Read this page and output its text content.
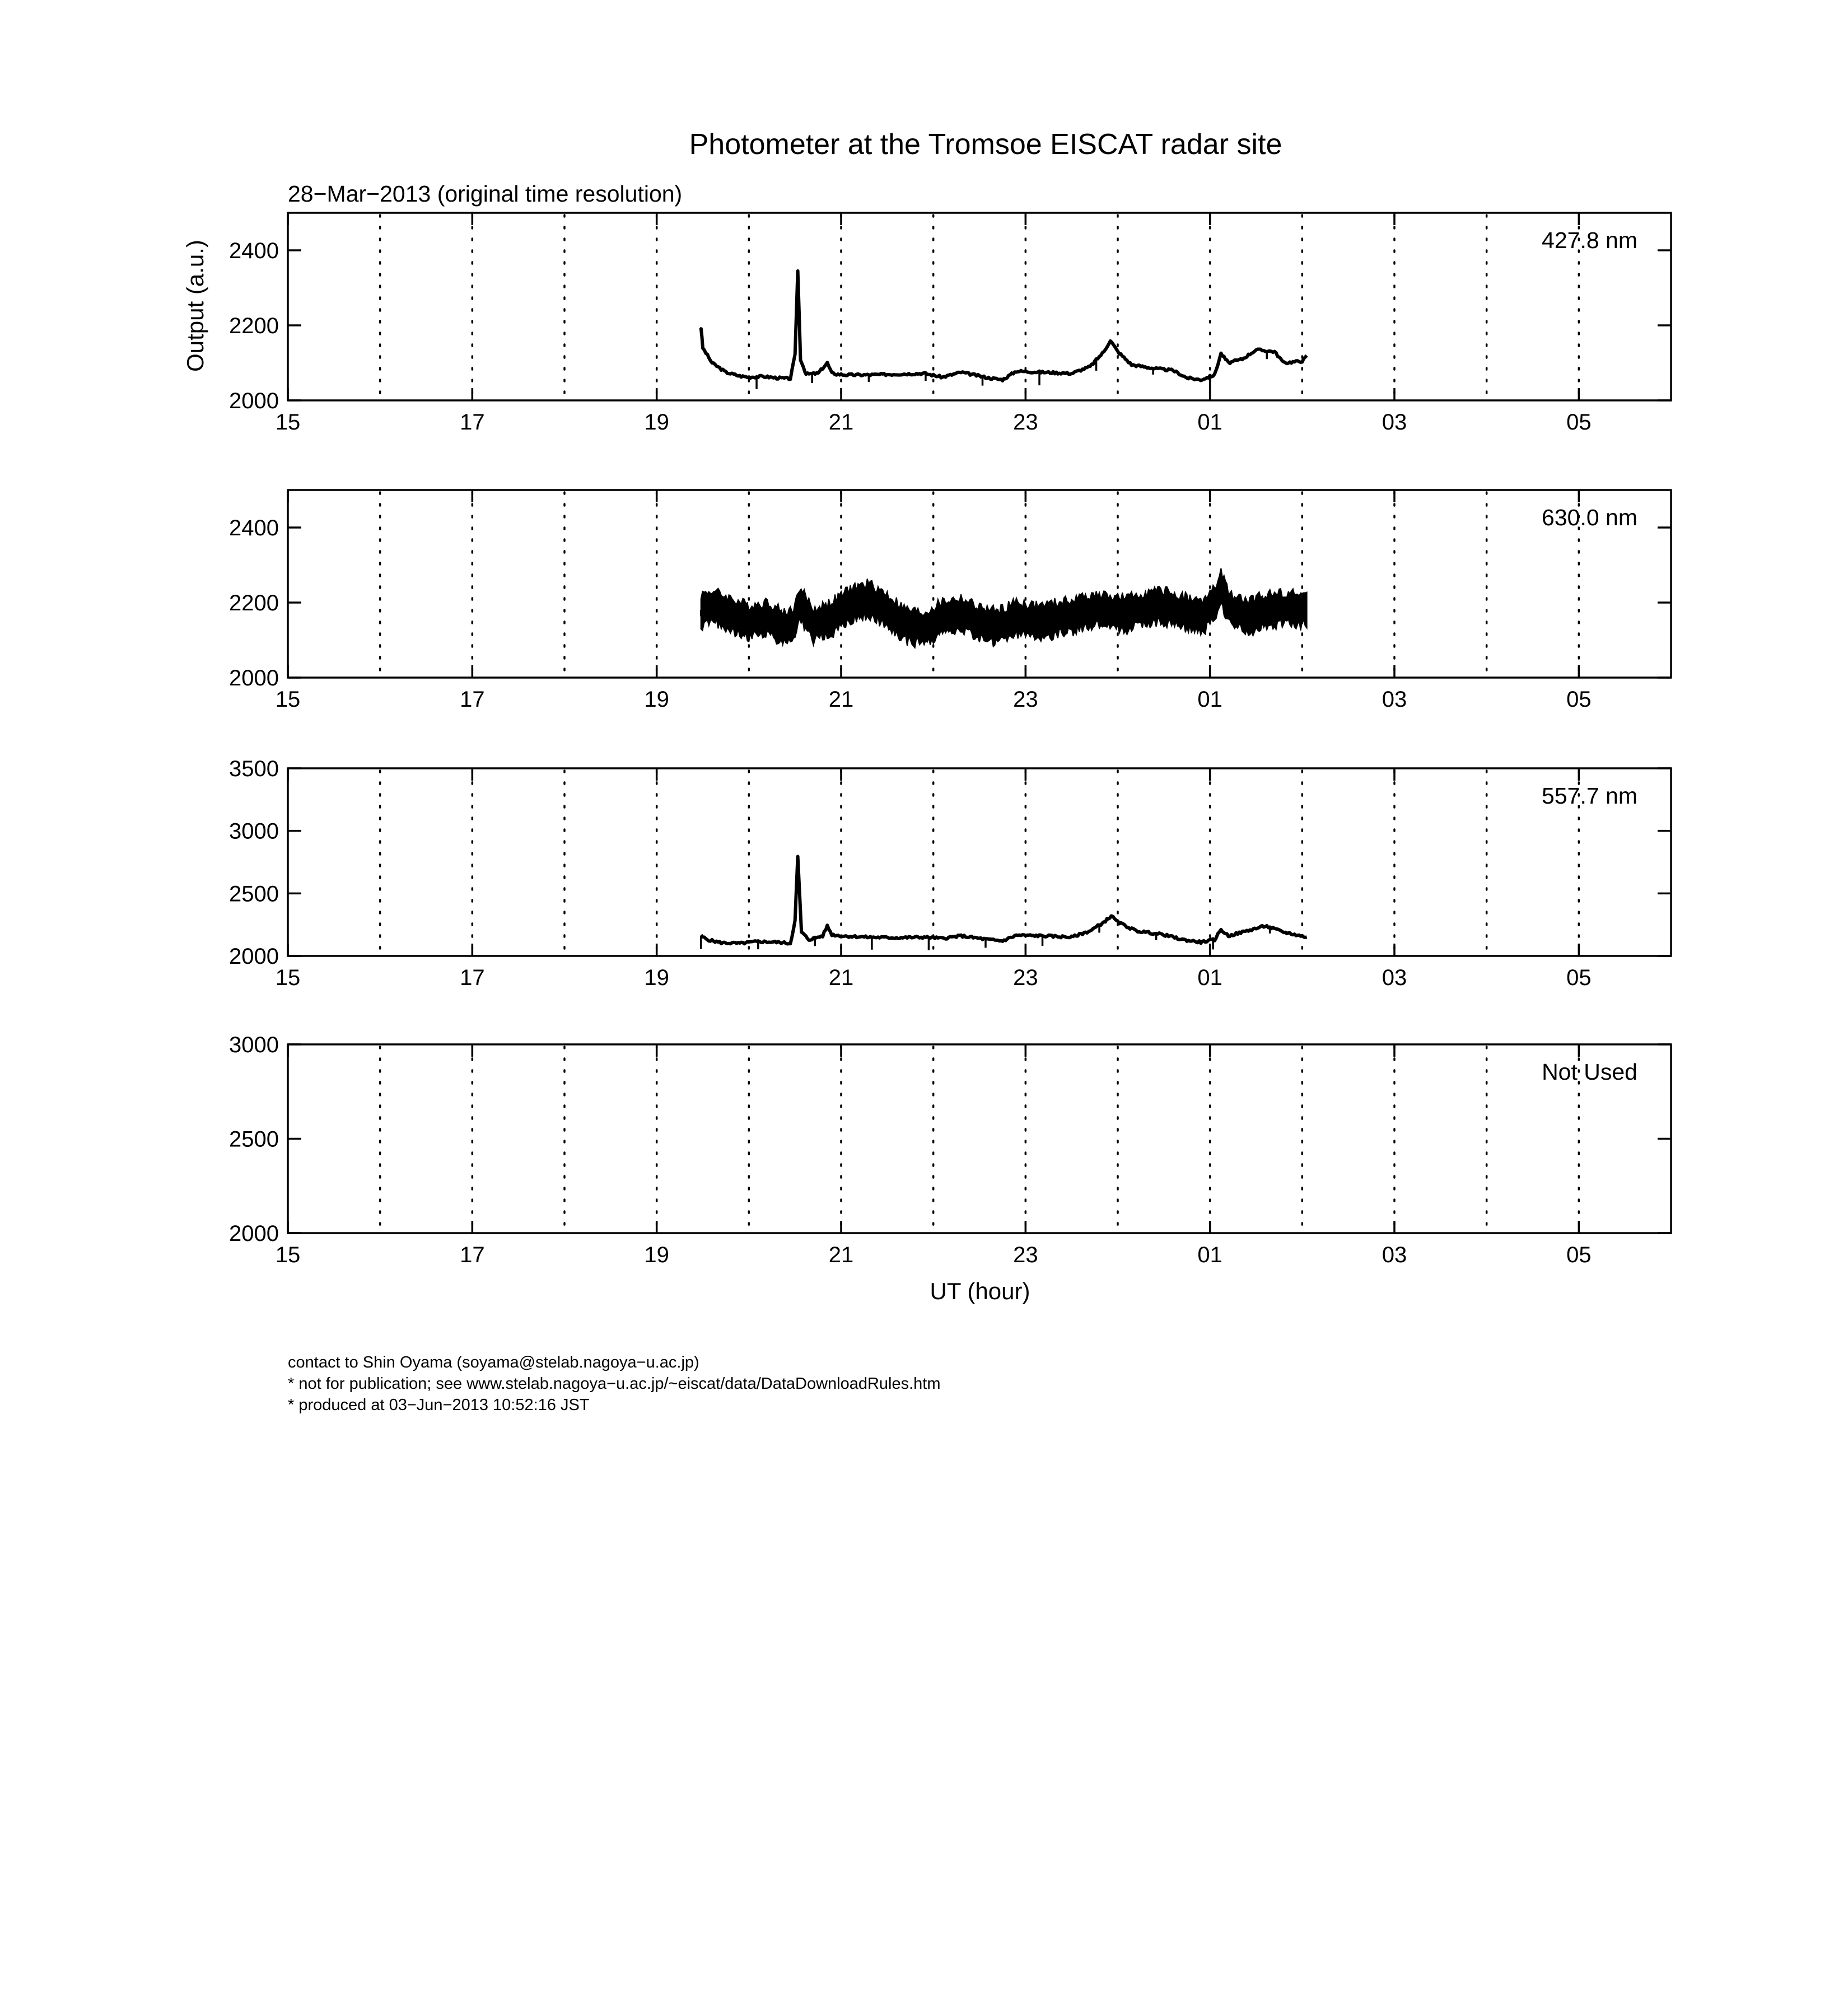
Photometer at the Tromsoe EISCAT radar site
28−Mar−2013 (original time resolution)
Output (a.u.)
UT (hour)
15	17	19	21	23	01	03	05
2000
2200
2400	427.8 nm
15	17	19	21	23	01	03	05
2000
2200
2400	630.0 nm
15	17	19	21	23	01	03	05
2000
2500
3000
3500
557.7 nm
15	17	19	21	23	01	03	05
2000
2500
3000
Not Used
contact to Shin Oyama (soyama@stelab.nagoya−u.ac.jp)
* not for publication; see www.stelab.nagoya−u.ac.jp/~eiscat/data/DataDownloadRules.htm
* produced at 03−Jun−2013 10:52:16 JST
